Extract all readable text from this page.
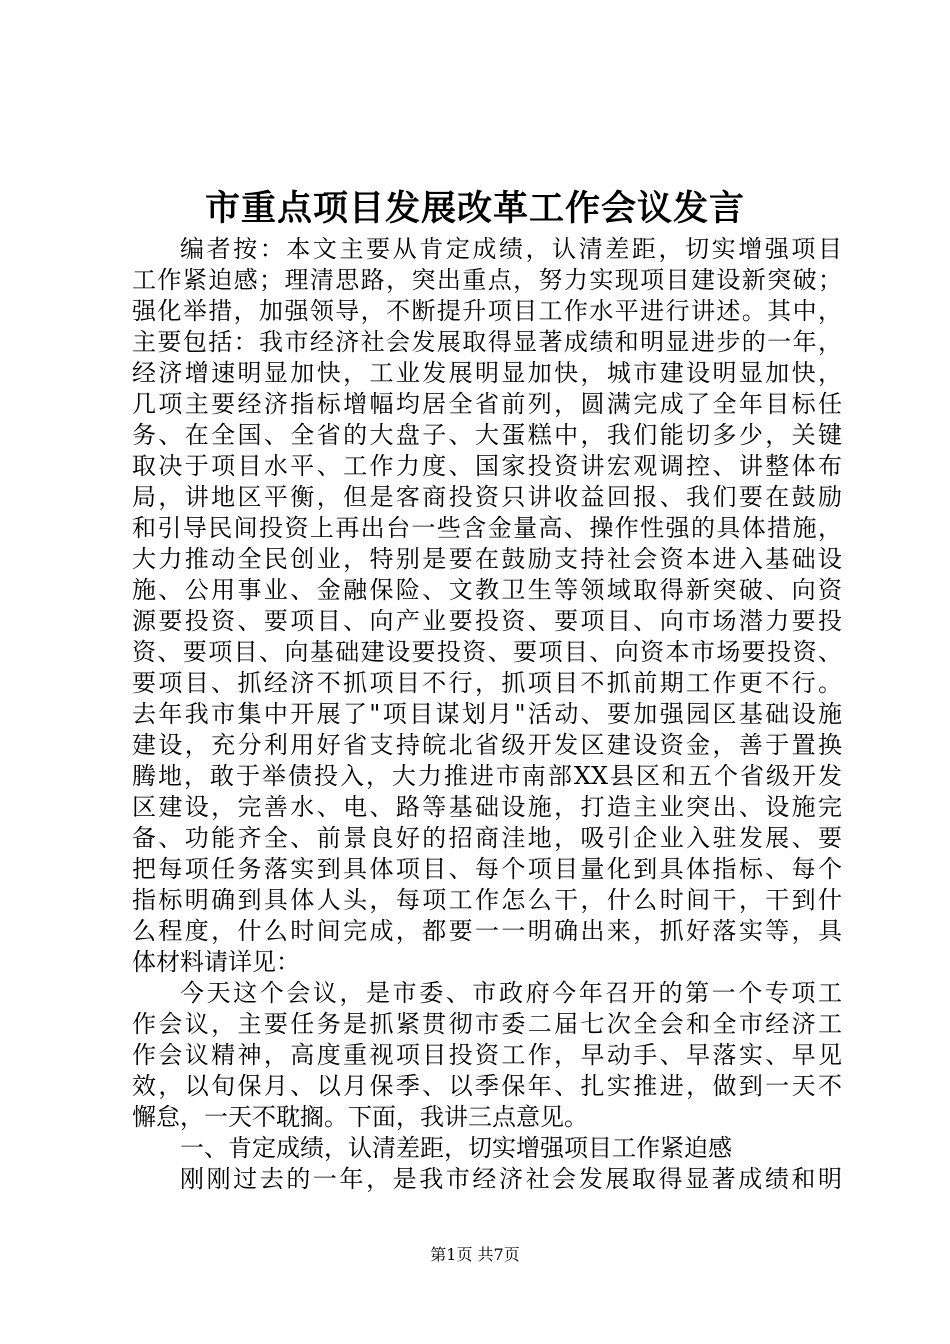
市重点项目发展改革工作会议发言
编者按：本文主要从肯定成绩，认清差距，切实增强项目
工作紧迫感；理清思路，突出重点，努力实现项目建设新突破；
强化举措，加强领导，不断提升项目工作水平进行讲述。其中，
主要包括：我市经济社会发展取得显著成绩和明显进步的一年，
经济增速明显加快，工业发展明显加快，城市建设明显加快，
几项主要经济指标增幅均居全省前列，圆满完成了全年目标任
务、在全国、全省的大盘子、大蛋糕中，我们能切多少，关键
取决于项目水平、工作力度、国家投资讲宏观调控、讲整体布
局，讲地区平衡，但是客商投资只讲收益回报、我们要在鼓励
和引导民间投资上再出台一些含金量高、操作性强的具体措施，
大力推动全民创业，特别是要在鼓励支持社会资本进入基础设
施、公用事业、金融保险、文教卫生等领域取得新突破、向资
源要投资、要项目、向产业要投资、要项目、向市场潜力要投
资、要项目、向基础建设要投资、要项目、向资本市场要投资、
要项目、抓经济不抓项目不行，抓项目不抓前期工作更不行。
去年我市集中开展了"项目谋划月"活动、要加强园区基础设施
建设，充分利用好省支持皖北省级开发区建设资金，善于置换
腾地，敢于举债投入，大力推进市南部XX县区和五个省级开发
区建设，完善水、电、路等基础设施，打造主业突出、设施完
备、功能齐全、前景良好的招商洼地，吸引企业入驻发展、要
把每项任务落实到具体项目、每个项目量化到具体指标、每个
指标明确到具体人头，每项工作怎么干，什么时间干，干到什
么程度，什么时间完成，都要一一明确出来，抓好落实等，具
体材料请详见：
今天这个会议，是市委、市政府今年召开的第一个专项工
作会议，主要任务是抓紧贯彻市委二届七次全会和全市经济工
作会议精神，高度重视项目投资工作，早动手、早落实、早见
效，以旬保月、以月保季、以季保年、扎实推进，做到一天不
懈怠，一天不耽搁。下面，我讲三点意见。
一、肯定成绩，认清差距，切实增强项目工作紧迫感
刚刚过去的一年，是我市经济社会发展取得显著成绩和明
第1页 共7页
